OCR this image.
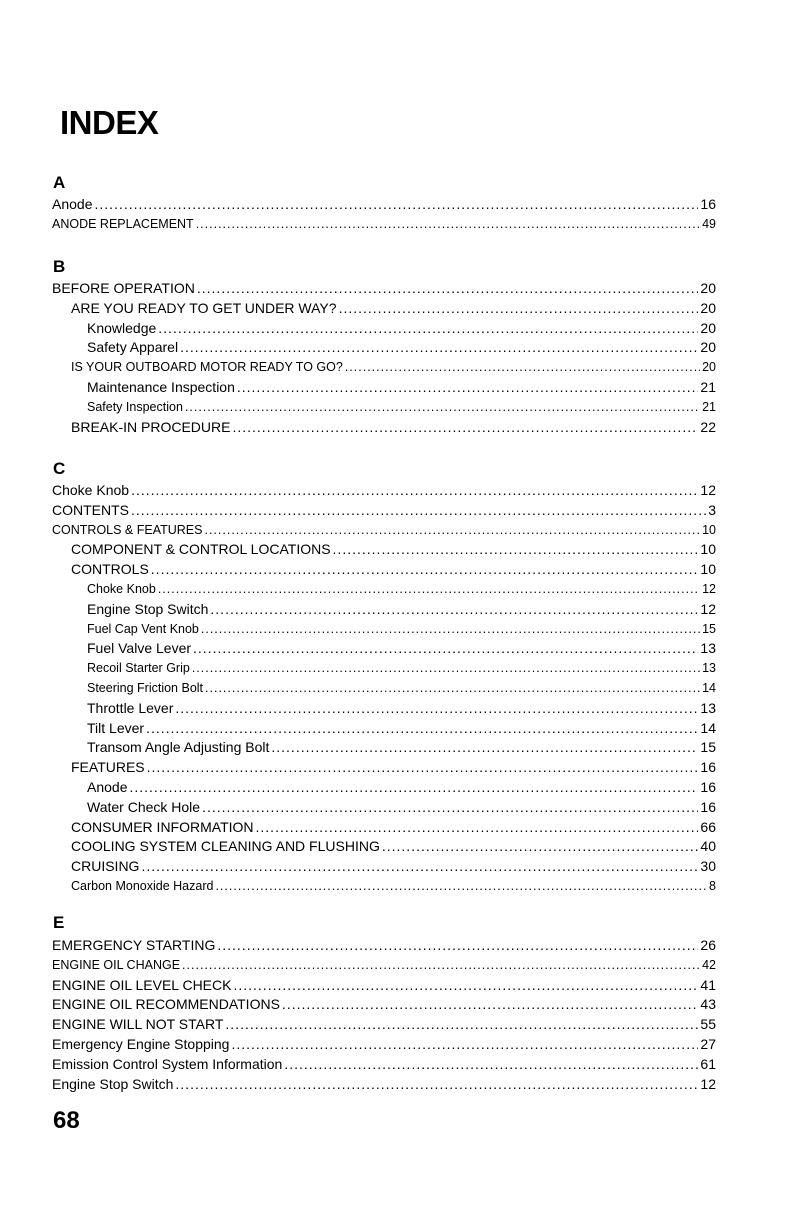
INDEX
A
Anode .....	16
ANODE REPLACEMENT .....	49
B
BEFORE OPERATION .....	20
ARE YOU READY TO GET UNDER WAY? .....	20
Knowledge .....	20
Safety Apparel .....	20
IS YOUR OUTBOARD MOTOR READY TO GO? .....	20
Maintenance Inspection .....	21
Safety Inspection .....	21
BREAK-IN PROCEDURE .....	22
C
Choke Knob .....	12
CONTENTS .....	3
CONTROLS & FEATURES .....	10
COMPONENT & CONTROL LOCATIONS .....	10
CONTROLS .....	10
Choke Knob .....	12
Engine Stop Switch .....	12
Fuel Cap Vent Knob .....	15
Fuel Valve Lever .....	13
Recoil Starter Grip .....	13
Steering Friction Bolt .....	14
Throttle Lever .....	13
Tilt Lever .....	14
Transom Angle Adjusting Bolt .....	15
FEATURES .....	16
Anode .....	16
Water Check Hole .....	16
CONSUMER INFORMATION .....	66
COOLING SYSTEM CLEANING AND FLUSHING .....	40
CRUISING .....	30
Carbon Monoxide Hazard .....	8
E
EMERGENCY STARTING .....	26
ENGINE OIL CHANGE .....	42
ENGINE OIL LEVEL CHECK .....	41
ENGINE OIL RECOMMENDATIONS .....	43
ENGINE WILL NOT START .....	55
Emergency Engine Stopping .....	27
Emission Control System Information .....	61
Engine Stop Switch .....	12
68
